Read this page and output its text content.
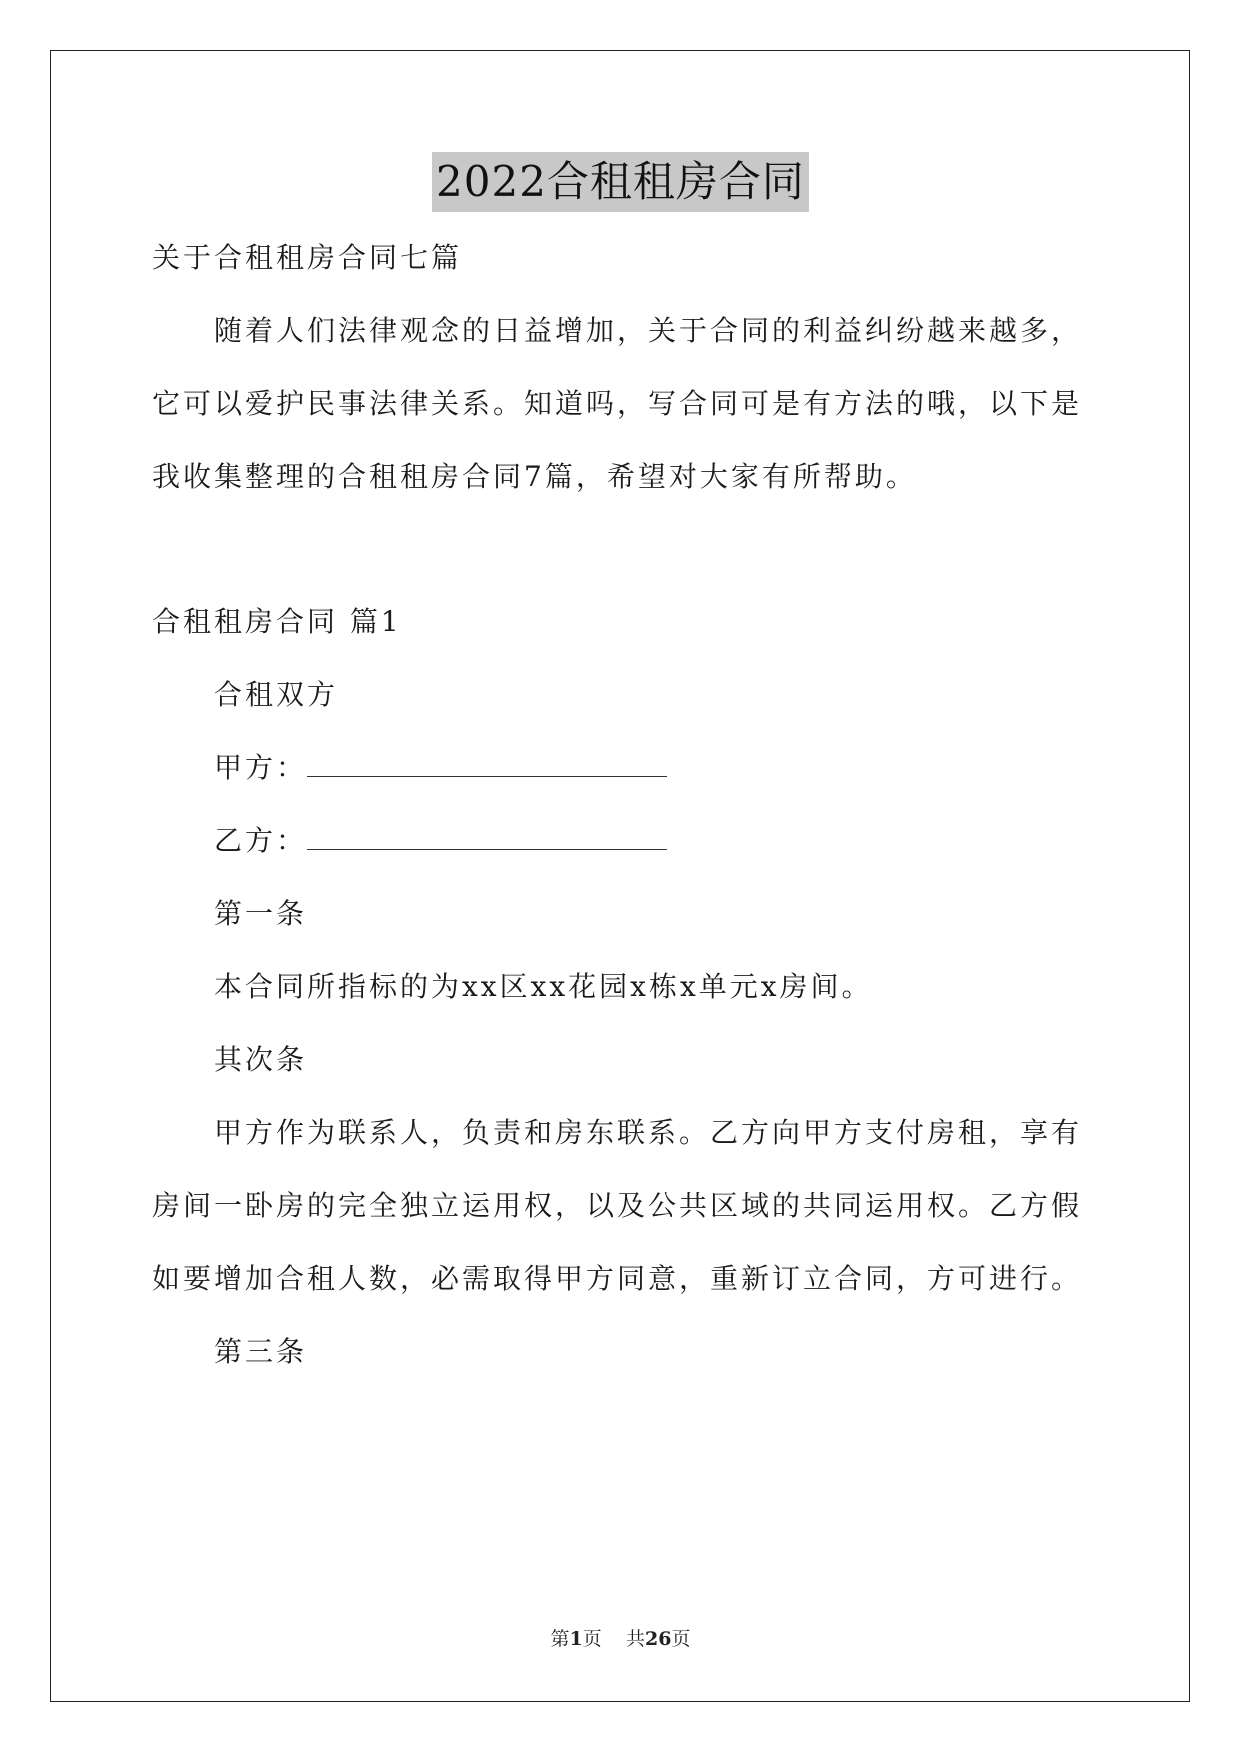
2022合租租房合同
关于合租租房合同七篇
随着人们法律观念的日益增加，关于合同的利益纠纷越来越多，
它可以爱护民事法律关系。知道吗，写合同可是有方法的哦，以下是
我收集整理的合租租房合同7篇，希望对大家有所帮助。
合租租房合同 篇1
合租双方
甲方：
乙方：
第一条
本合同所指标的为xx区xx花园x栋x单元x房间。
其次条
甲方作为联系人，负责和房东联系。乙方向甲方支付房租，享有
房间一卧房的完全独立运用权，以及公共区域的共同运用权。乙方假
如要增加合租人数，必需取得甲方同意，重新订立合同，方可进行。
第三条
第1页 共26页
